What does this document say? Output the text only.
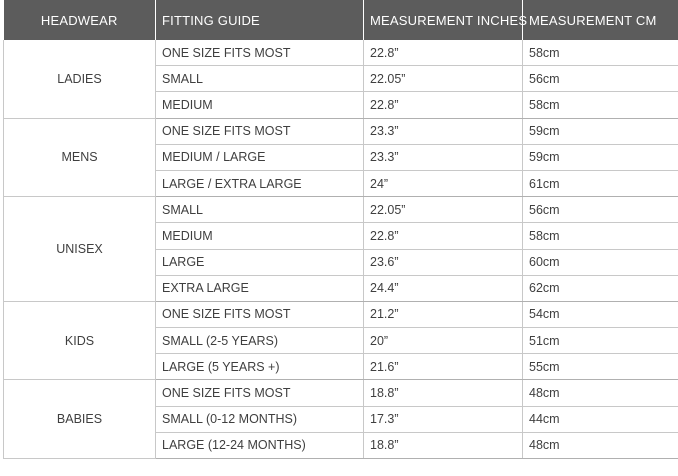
HEADWEAR	FITTING GUIDE	MEASUREMENT INCHES	MEASUREMENT CM
LADIES	ONE SIZE FITS MOST	22.8”	58cm
	SMALL	22.05”	56cm
	MEDIUM	22.8”	58cm
MENS	ONE SIZE FITS MOST	23.3”	59cm
	MEDIUM / LARGE	23.3”	59cm
	LARGE / EXTRA LARGE	24”	61cm
UNISEX	SMALL	22.05”	56cm
	MEDIUM	22.8”	58cm
	LARGE	23.6”	60cm
	EXTRA LARGE	24.4”	62cm
KIDS	ONE SIZE FITS MOST	21.2”	54cm
	SMALL (2-5 YEARS)	20”	51cm
	LARGE (5 YEARS +)	21.6”	55cm
BABIES	ONE SIZE FITS MOST	18.8”	48cm
	SMALL (0-12 MONTHS)	17.3”	44cm
	LARGE (12-24 MONTHS)	18.8”	48cm
